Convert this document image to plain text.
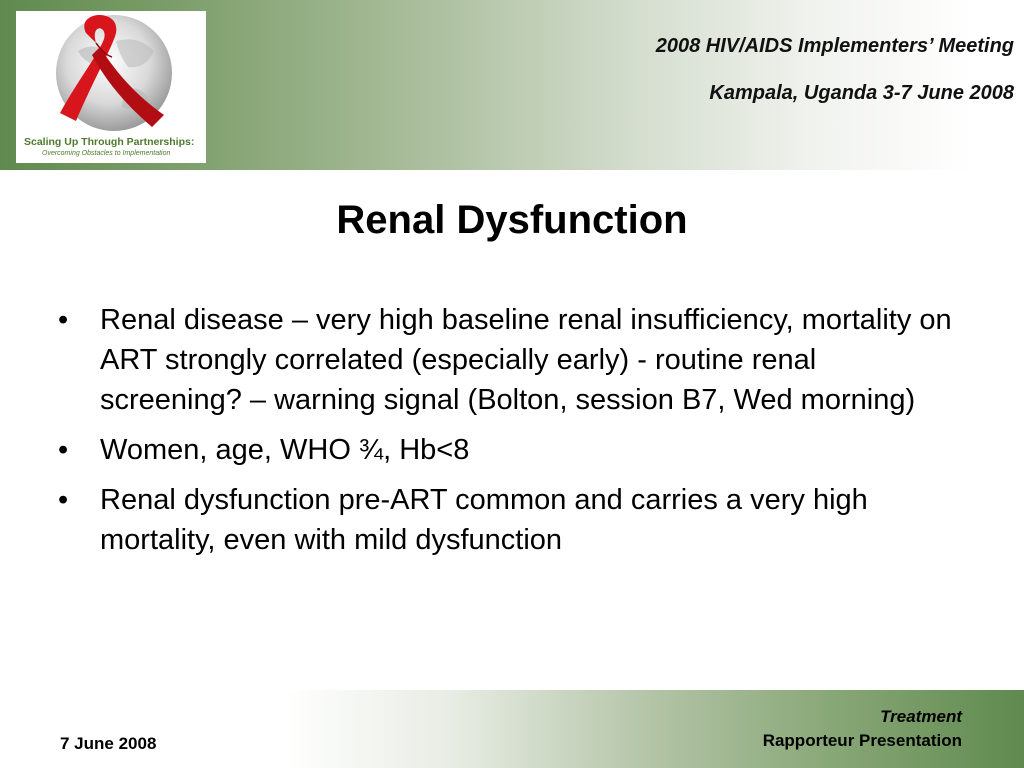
Scaling Up Through Partnerships:
Overcoming Obstacles to Implementation
2008 HIV/AIDS Implementers’ Meeting
Kampala, Uganda 3-7 June 2008
Renal Dysfunction
• Renal disease – very high baseline renal insufficiency, mortality on ART strongly correlated (especially early) - routine renal screening? – warning signal (Bolton, session B7, Wed morning)
• Women, age, WHO ¾, Hb<8
• Renal dysfunction pre-ART common and carries a very high mortality, even with mild dysfunction
7 June 2008
Treatment
Rapporteur Presentation
